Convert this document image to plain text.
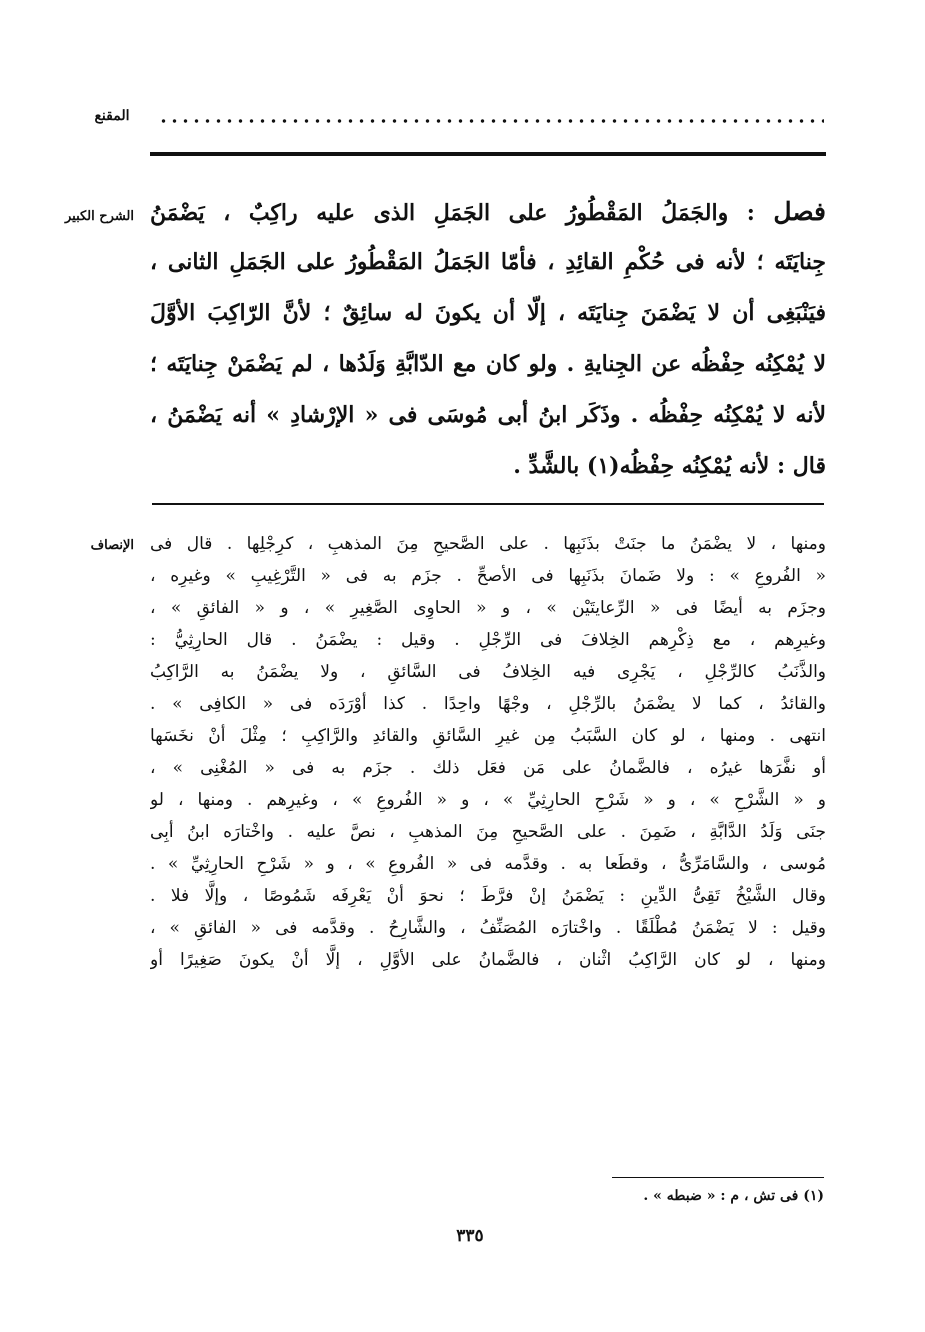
المقنع
الشرح الكبير	فصل : والجَمَلُ المَقْطُورُ على الجَمَلِ الذى عليه راكِبٌ ، يَضْمَنُ
جِنايَتَه ؛ لأنه فى حُكْمِ القائِدِ ، فأمّا الجَمَلُ المَقْطُورُ على الجَمَلِ الثانى ،
فيَنْبَغِى أن لا يَضْمَنَ جِنايَتَه ، إلّا أن يكونَ له سائِقٌ ؛ لأنَّ الرّاكِبَ الأوَّلَ
لا يُمْكِنُه حِفْظُه عن الجِنايةِ . ولو كان مع الدّابَّةِ وَلَدُها ، لم يَضْمَنْ جِنايَتَه ؛
لأنه لا يُمْكِنُه حِفْظُه . وذَكَر ابنُ أبى مُوسَى فى « الإرْشادِ » أنه يَضْمَنُ ،
قال : لأنه يُمْكِنُه حِفْظُه(١) بالشَّدِّ .
الإنصاف ومنها ، لا يضْمَنُ ما جنَتْ بذَنَبِها . على الصَّحيحِ مِنَ المذهبِ ، كرِجْلِها . قال فى
« الفُروعِ » : ولا ضَمانَ بذَنَبِها فى الأصحِّ . جزَم به فى « التَّرْغِيبِ » وغيرِه ،
وجزَم به أيضًا فى « الرِّعايتَيْن » ، و « الحاوِى الصَّغِيرِ » ، و « الفائقِ » ،
وغيرِهم ، مع ذِكْرِهم الخِلافَ فى الرِّجْلِ . وقيل : يضْمَنُ . قال الحارِثِيُّ :
والذَّنَبُ كالرِّجْلِ ، يَجْرِى فيه الخِلافُ فى السَّائقِ ، ولا يضْمَنُ به الرَّاكِبُ
والقائدُ ، كما لا يضْمَنُ بالرِّجْلِ ، وجْهًا واحِدًا . كذا أوْرَدَه فى « الكافِى » .
انتهى . ومنها ، لو كان السَّبَبُ مِن غيرِ السَّائقِ والقائدِ والرَّاكِبِ ؛ مِثْلَ أنْ نخَسَها
أو نفَّرَها غيرُه ، فالضَّمانُ على مَن فعَل ذلك . جزَم به فى « المُغْنِى » ،
و « الشَّرْحِ » ، و « شَرْحِ الحارِثِيِّ » ، و « الفُروعِ » ، وغيرِهم . ومنها ، لو
جنَى وَلَدُ الدَّابَّةِ ، ضَمِنَ . على الصَّحيحِ مِنَ المذهبِ ، نصَّ عليه . واخْتارَه ابنُ أبِى
مُوسى ، والسَّامَرِّىُّ ، وقطَعا به . وقدَّمه فى « الفُروعِ » ، و « شَرْحِ الحارِثِيِّ » .
وقال الشَّيْخُ تَقِىُّ الدِّينِ : يَضْمَنُ إنْ فرَّطَ ؛ نحوَ أنْ يَعْرِفَه شَمُوصًا ، وإلَّا فلا .
وقيل : لا يَضْمَنُ مُطْلَقًا . واخْتارَه المُصَنِّفُ ، والشَّارِحُ . وقدَّمه فى « الفائقِ » ،
ومنها ، لو كان الرَّاكِبُ اثْنان ، فالضَّمانُ على الأوَّلِ ، إلَّا أنْ يكونَ صَغِيرًا أو
(١) فى تش ، م : « ضبطه » .
٣٣٥
